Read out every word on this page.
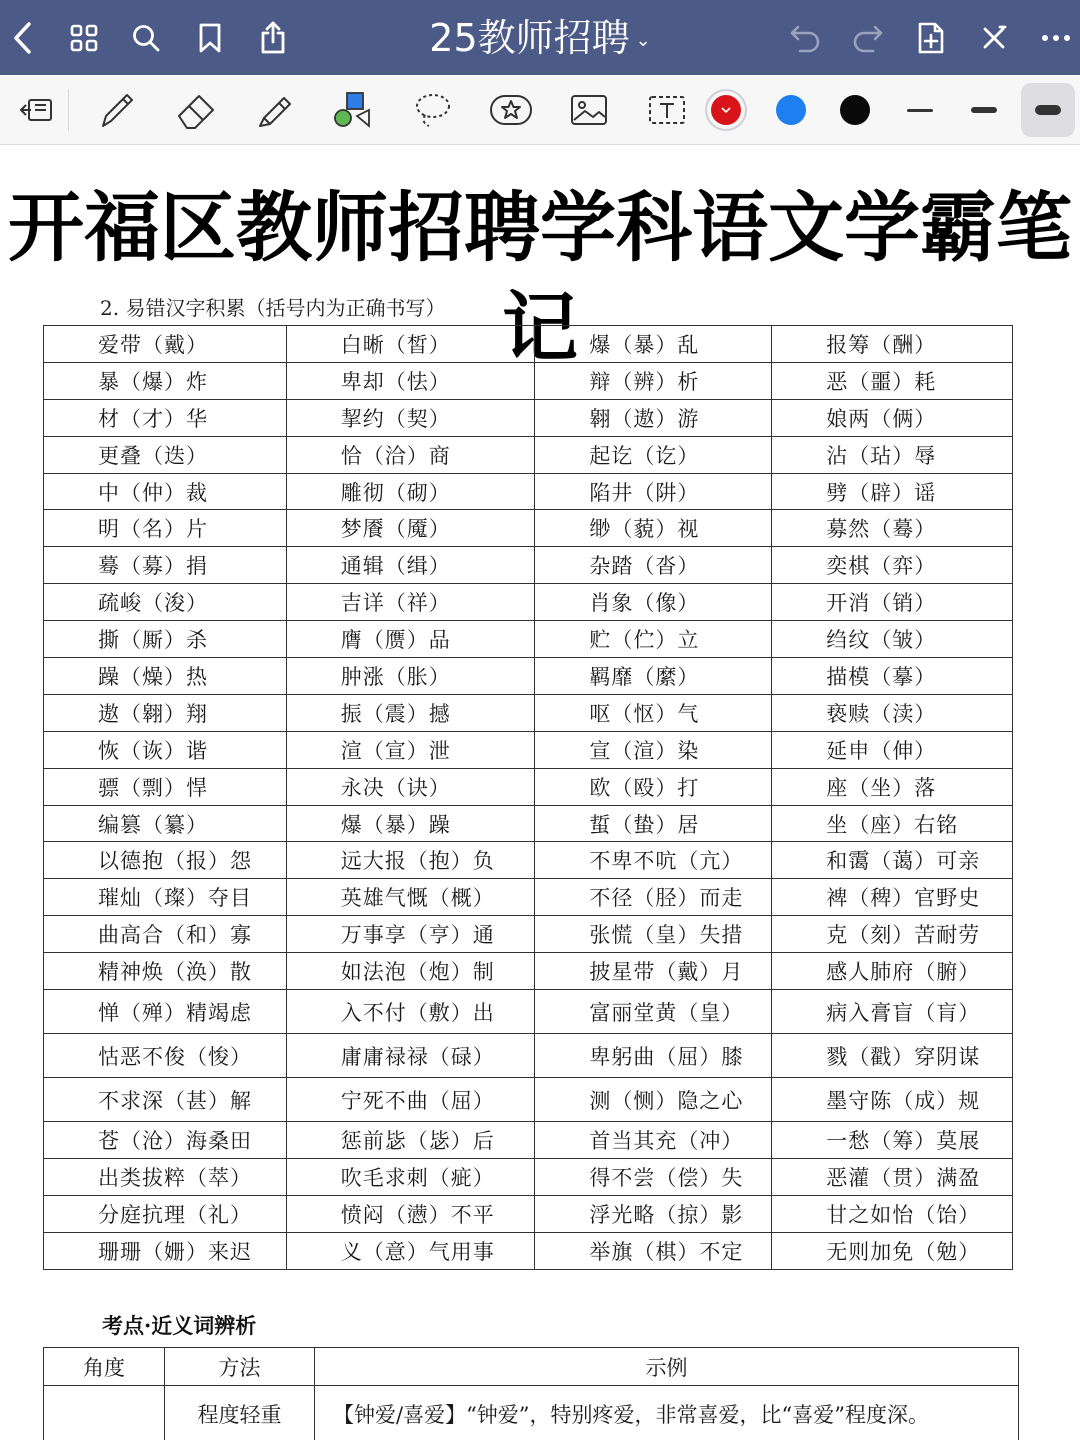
25教师招聘 ⌄
开福区教师招聘学科语文学霸笔记
2. 易错汉字积累（括号内为正确书写）
爱带（戴）	白晰（皙）	爆（暴）乱	报筹（酬）
暴（爆）炸	卑却（怯）	辩（辨）析	恶（噩）耗
材（才）华	挈约（契）	翱（遨）游	娘两（俩）
更叠（迭）	恰（洽）商	起讫（讫）	沾（玷）辱
中（仲）裁	雕彻（砌）	陷井（阱）	劈（辟）谣
明（名）片	梦餍（魇）	缈（藐）视	募然（蓦）
蓦（募）捐	通辑（缉）	杂踏（沓）	奕棋（弈）
疏峻（浚）	吉详（祥）	肖象（像）	开消（销）
撕（厮）杀	膺（赝）品	贮（伫）立	绉纹（皱）
躁（燥）热	肿涨（胀）	羁靡（縻）	描模（摹）
遨（翱）翔	振（震）撼	呕（怄）气	亵赎（渎）
恢（诙）谐	渲（宣）泄	宣（渲）染	延申（伸）
骠（剽）悍	永决（诀）	欧（殴）打	座（坐）落
编篡（纂）	爆（暴）躁	蜇（蛰）居	坐（座）右铭
以德抱（报）怨	远大报（抱）负	不卑不吭（亢）	和霭（蔼）可亲
璀灿（璨）夺目	英雄气慨（概）	不径（胫）而走	裨（稗）官野史
曲高合（和）寡	万事享（亨）通	张慌（皇）失措	克（刻）苦耐劳
精神焕（涣）散	如法泡（炮）制	披星带（戴）月	感人肺府（腑）
惮（殚）精竭虑	入不付（敷）出	富丽堂黄（皇）	病入膏盲（肓）
怙恶不俊（悛）	庸庸禄禄（碌）	卑躬曲（屈）膝	戮（戳）穿阴谋
不求深（甚）解	宁死不曲（屈）	测（恻）隐之心	墨守陈（成）规
苍（沧）海桑田	惩前毖（毖）后	首当其充（冲）	一愁（筹）莫展
出类拔粹（萃）	吹毛求刺（疵）	得不尝（偿）失	恶灌（贯）满盈
分庭抗理（礼）	愤闷（懑）不平	浮光略（掠）影	甘之如怡（饴）
珊珊（姗）来迟	义（意）气用事	举旗（棋）不定	无则加免（勉）
考点·近义词辨析
角度	方法	示例
	程度轻重	【钟爱/喜爱】“钟爱”，特别疼爱，非常喜爱，比“喜爱”程度深。
